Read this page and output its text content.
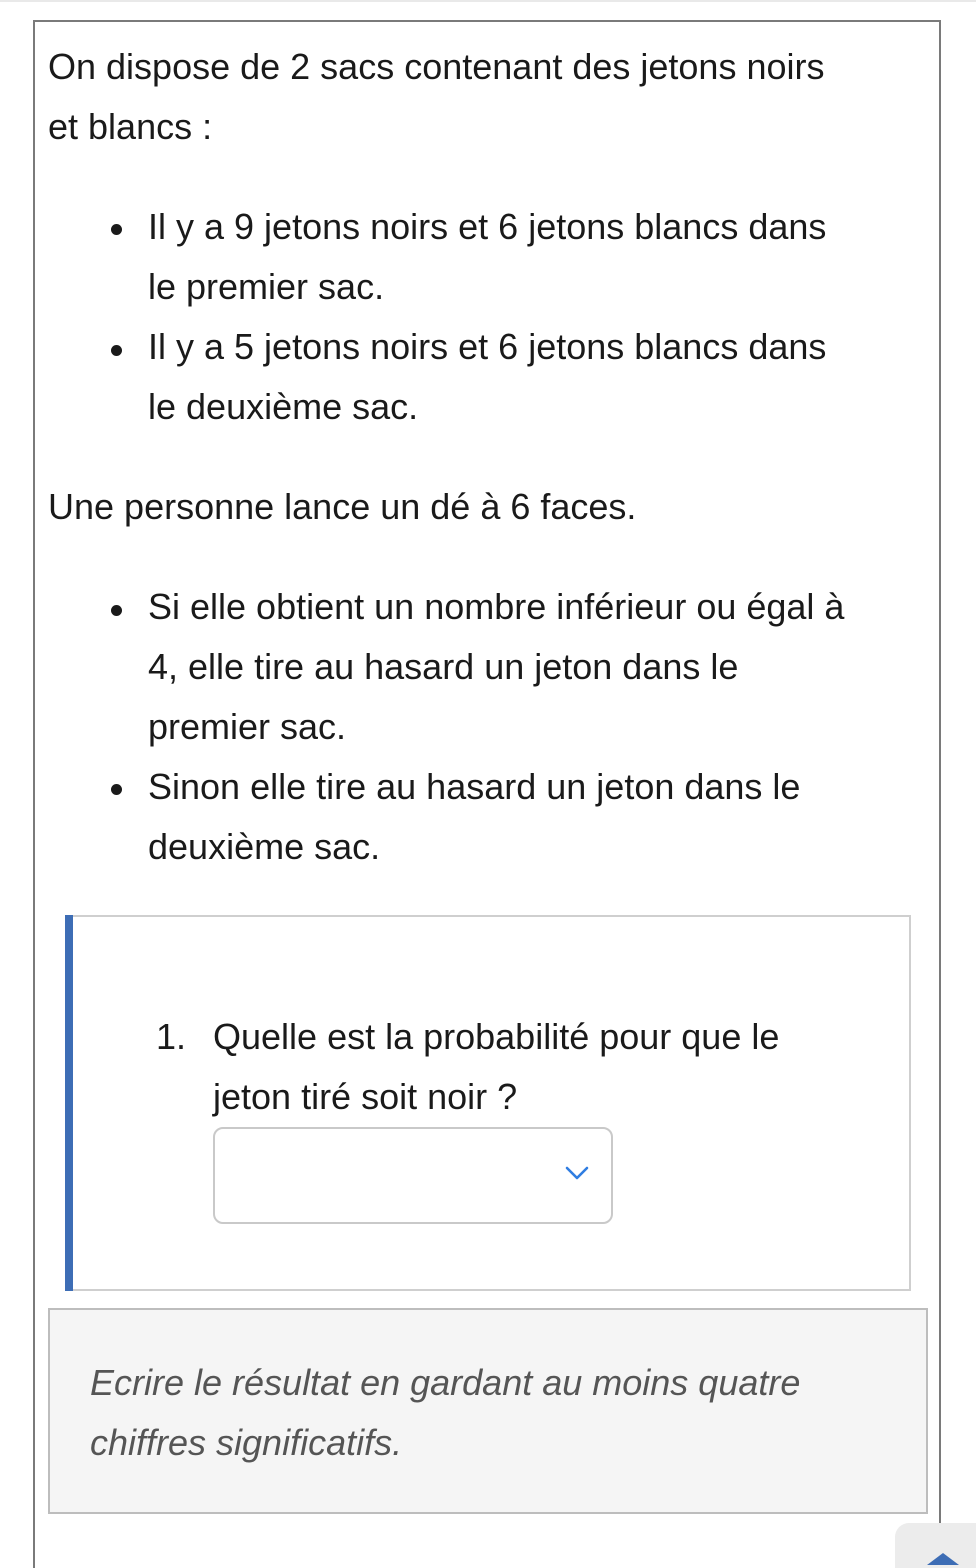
On dispose de 2 sacs contenant des jetons noirs

et blancs :

Il y a 9 jetons noirs et 6 jetons blancs dans

le premier sac.

Il y a 5 jetons noirs et 6 jetons blancs dans

le deuxième sac.

Une personne lance un dé à 6 faces.

Si elle obtient un nombre inférieur ou égal à

4, elle tire au hasard un jeton dans le

premier sac.

Sinon elle tire au hasard un jeton dans le

deuxième sac.

1. Quelle est la probabilité pour que le

jeton tiré soit noir ?

Ecrire le résultat en gardant au moins quatre

chiffres significatifs.
